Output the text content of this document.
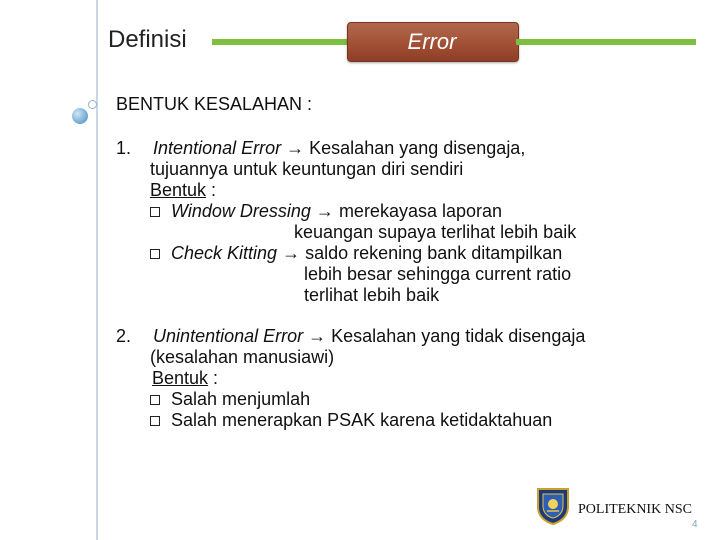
Definisi	Error
BENTUK KESALAHAN :
1. Intentional Error → Kesalahan yang disengaja,
tujuannya untuk keuntungan diri sendiri
Bentuk :
Window Dressing → merekayasa laporan
keuangan supaya terlihat lebih baik
Check Kitting → saldo rekening bank ditampilkan
lebih besar sehingga current ratio
terlihat lebih baik
2. Unintentional Error → Kesalahan yang tidak disengaja
(kesalahan manusiawi)
Bentuk :
Salah menjumlah
Salah menerapkan PSAK karena ketidaktahuan
POLITEKNIK NSC
4
